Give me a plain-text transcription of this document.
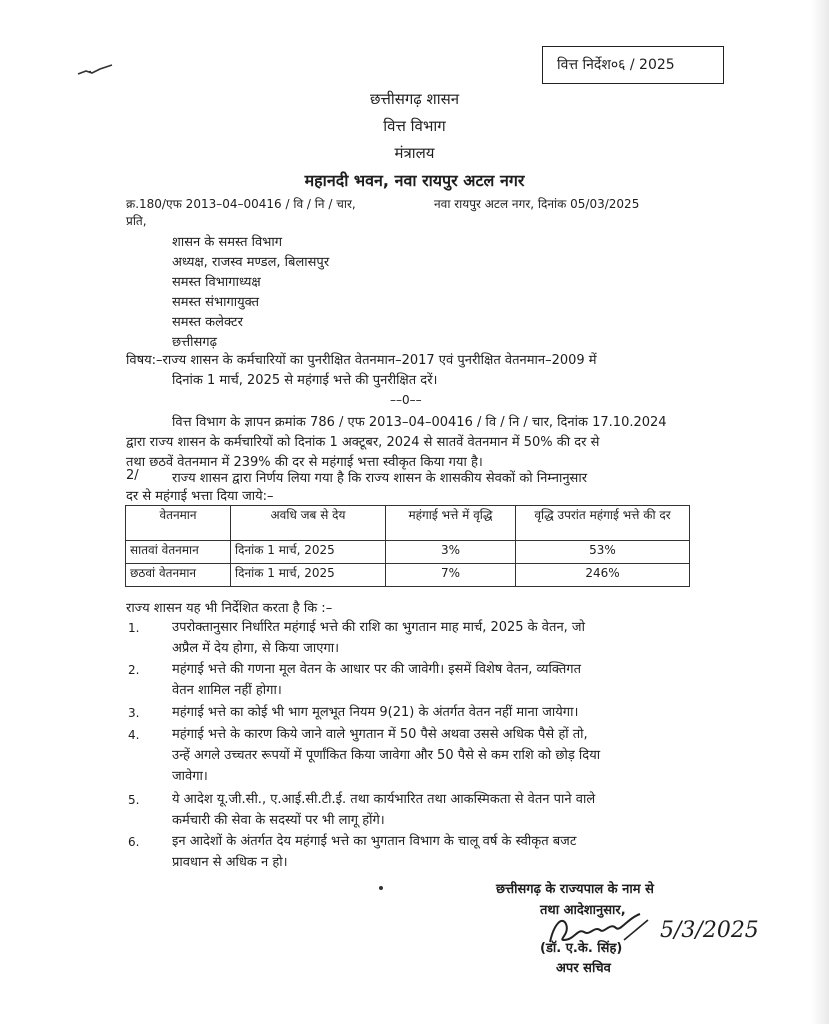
वित्त निर्देश०६ / 2025
छत्तीसगढ़ शासन
वित्त विभाग
मंत्रालय
महानदी भवन, नवा रायपुर अटल नगर
क्र.180/एफ 2013–04–00416 / वि / नि / चार,	नवा रायपुर अटल नगर, दिनांक 05/03/2025
प्रति,
शासन के समस्त विभाग
अध्यक्ष, राजस्व मण्डल, बिलासपुर
समस्त विभागाध्यक्ष
समस्त संभागायुक्त
समस्त कलेक्टर
छत्तीसगढ़
विषय:–राज्य शासन के कर्मचारियों का पुनरीक्षित वेतनमान–2017 एवं पुनरीक्षित वेतनमान–2009 में
दिनांक 1 मार्च, 2025 से महंगाई भत्ते की पुनरीक्षित दरें।
––0––
वित्त विभाग के ज्ञापन क्रमांक 786 / एफ 2013–04–00416 / वि / नि / चार, दिनांक 17.10.2024
द्वारा राज्य शासन के कर्मचारियों को दिनांक 1 अक्टूबर, 2024 से सातवें वेतनमान में 50% की दर से
तथा छठवें वेतनमान में 239% की दर से महंगाई भत्ता स्वीकृत किया गया है।
2/	राज्य शासन द्वारा निर्णय लिया गया है कि राज्य शासन के शासकीय सेवकों को निम्नानुसार
दर से महंगाई भत्ता दिया जाये:–
वेतनमान	अवधि जब से देय	महंगाई भत्ते में वृद्धि	वृद्धि उपरांत महंगाई भत्ते की दर
सातवां वेतनमान	दिनांक 1 मार्च, 2025	3%	53%
छठवां वेतनमान	दिनांक 1 मार्च, 2025	7%	246%
राज्य शासन यह भी निर्देशित करता है कि :–
1.	उपरोक्तानुसार निर्धारित महंगाई भत्ते की राशि का भुगतान माह मार्च, 2025 के वेतन, जो
अप्रैल में देय होगा, से किया जाएगा।
2.	महंगाई भत्ते की गणना मूल वेतन के आधार पर की जावेगी। इसमें विशेष वेतन, व्यक्तिगत
वेतन शामिल नहीं होगा।
3.	महंगाई भत्ते का कोई भी भाग मूलभूत नियम 9(21) के अंतर्गत वेतन नहीं माना जायेगा।
4.	महंगाई भत्ते के कारण किये जाने वाले भुगतान में 50 पैसे अथवा उससे अधिक पैसे हों तो,
उन्हें अगले उच्चतर रूपयों में पूर्णांकित किया जावेगा और 50 पैसे से कम राशि को छोड़ दिया
जावेगा।
5.	ये आदेश यू.जी.सी., ए.आई.सी.टी.ई. तथा कार्यभारित तथा आकस्मिकता से वेतन पाने वाले
कर्मचारी की सेवा के सदस्यों पर भी लागू होंगे।
6.	इन आदेशों के अंतर्गत देय महंगाई भत्ते का भुगतान विभाग के चालू वर्ष के स्वीकृत बजट
प्रावधान से अधिक न हो।
छत्तीसगढ़ के राज्यपाल के नाम से
तथा आदेशानुसार,
5/3/2025
(डॉ. ए.के. सिंह)
अपर सचिव
